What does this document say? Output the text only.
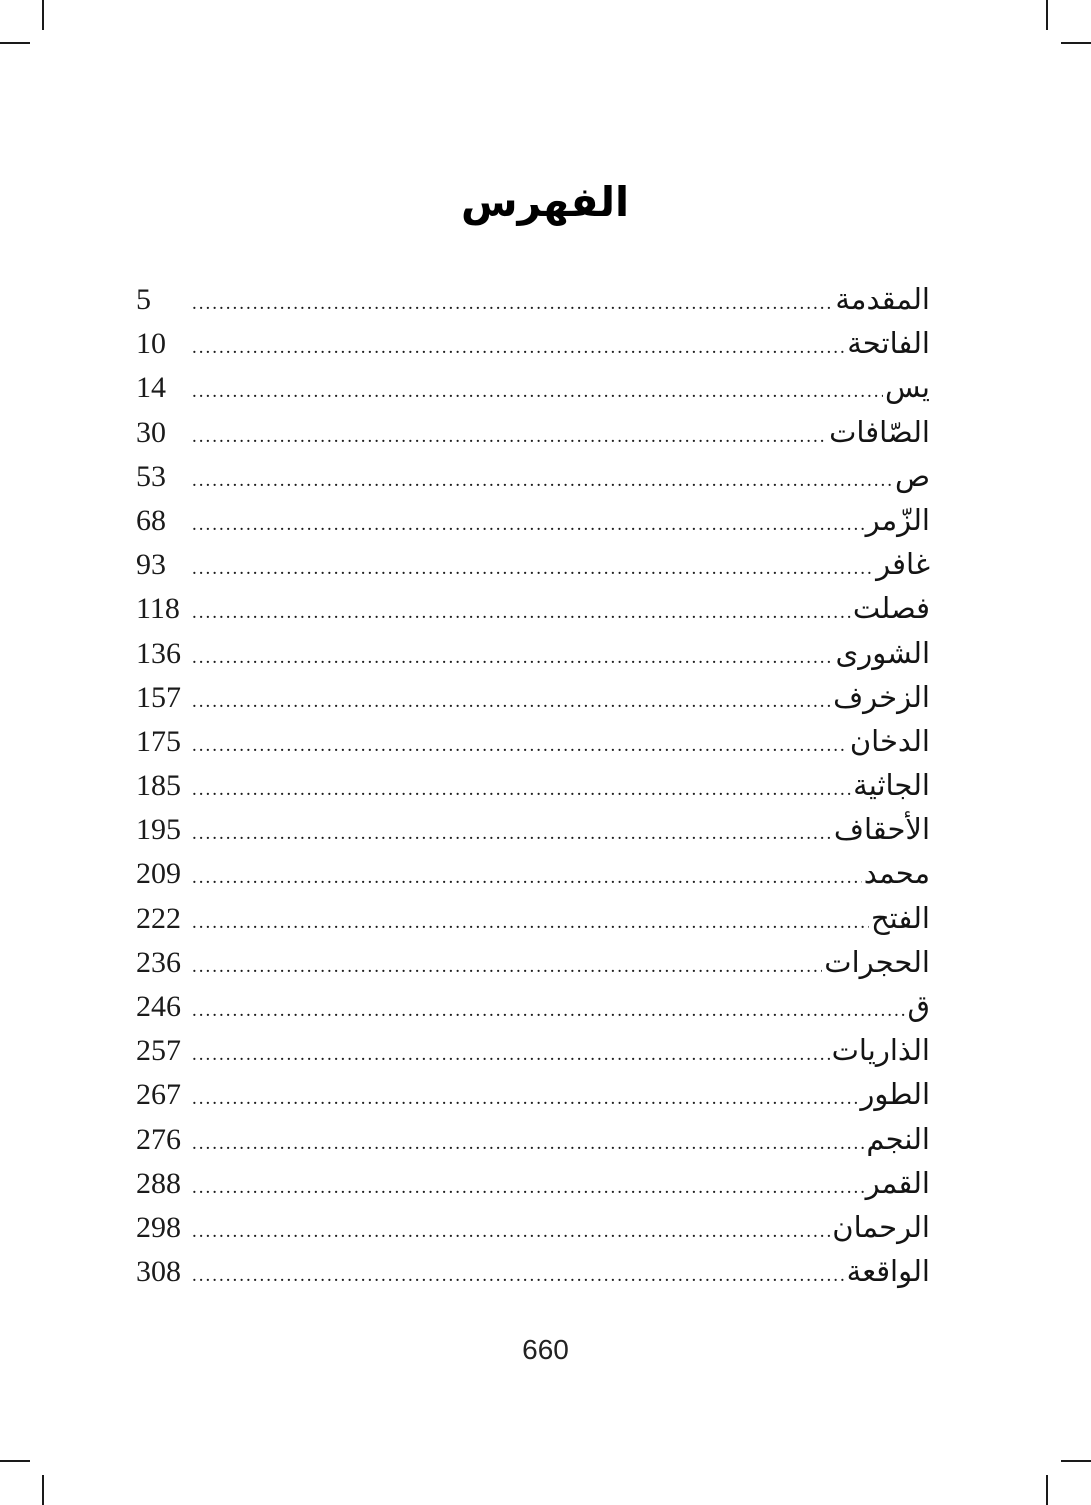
الفهرس
5 .....	المقدمة
10 .....	الفاتحة
14 .....	يس
30 .....	الصّافات
53 .....	ص
68 .....	الزّمر
93 .....	غافر
118 .....	فصلت
136 .....	الشورى
157 .....	الزخرف
175 .....	الدخان
185 .....	الجاثية
195 .....	الأحقاف
209 .....	محمد
222 .....	الفتح
236 .....	الحجرات
246 .....	ق
257 .....	الذاريات
267 .....	الطور
276 .....	النجم
288 .....	القمر
298 .....	الرحمان
308 .....	الواقعة
660
